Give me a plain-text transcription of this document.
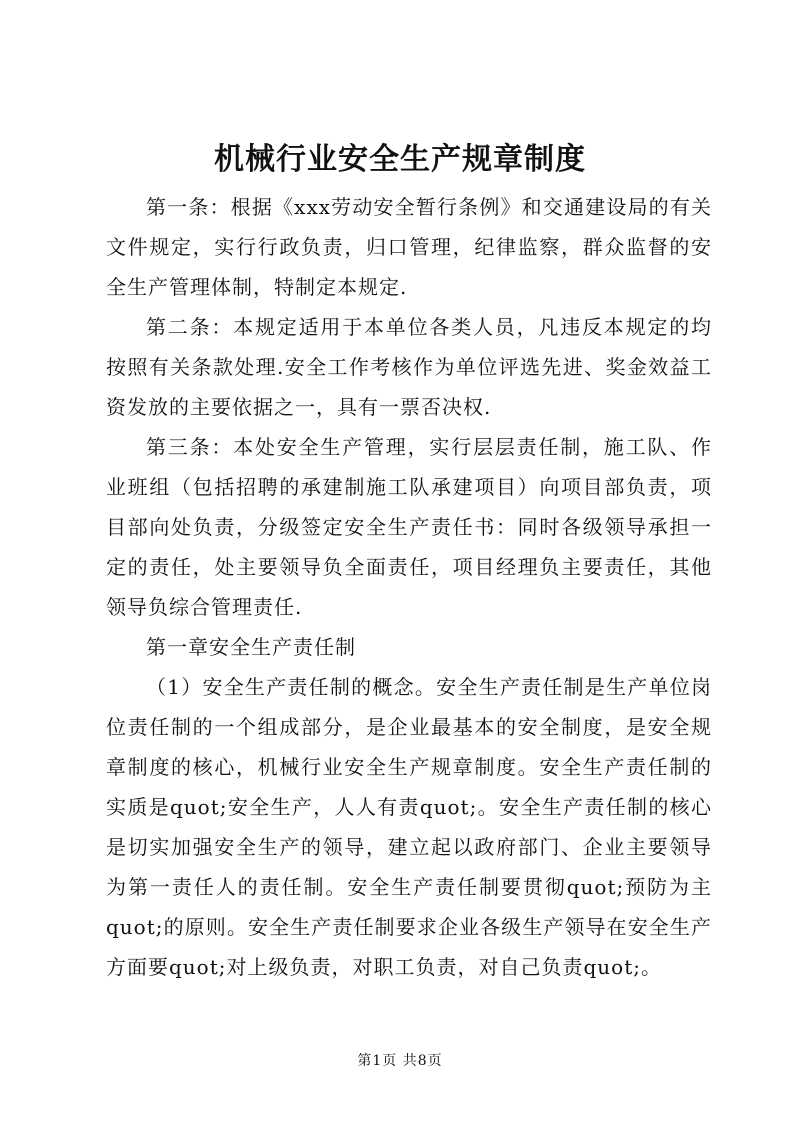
机械行业安全生产规章制度

第一条：根据《xxx劳动安全暂行条例》和交通建设局的有关文件规定，实行行政负责，归口管理，纪律监察，群众监督的安全生产管理体制，特制定本规定.

第二条：本规定适用于本单位各类人员，凡违反本规定的均按照有关条款处理.安全工作考核作为单位评选先进、奖金效益工资发放的主要依据之一，具有一票否决权.

第三条：本处安全生产管理，实行层层责任制，施工队、作业班组（包括招聘的承建制施工队承建项目）向项目部负责，项目部向处负责，分级签定安全生产责任书：同时各级领导承担一定的责任，处主要领导负全面责任，项目经理负主要责任，其他领导负综合管理责任.

第一章安全生产责任制

（1）安全生产责任制的概念。安全生产责任制是生产单位岗位责任制的一个组成部分，是企业最基本的安全制度，是安全规章制度的核心，机械行业安全生产规章制度。安全生产责任制的实质是quot;安全生产，人人有责quot;。安全生产责任制的核心是切实加强安全生产的领导，建立起以政府部门、企业主要领导为第一责任人的责任制。安全生产责任制要贯彻quot;预防为主quot;的原则。安全生产责任制要求企业各级生产领导在安全生产方面要quot;对上级负责，对职工负责，对自己负责quot;。

第1页 共8页
